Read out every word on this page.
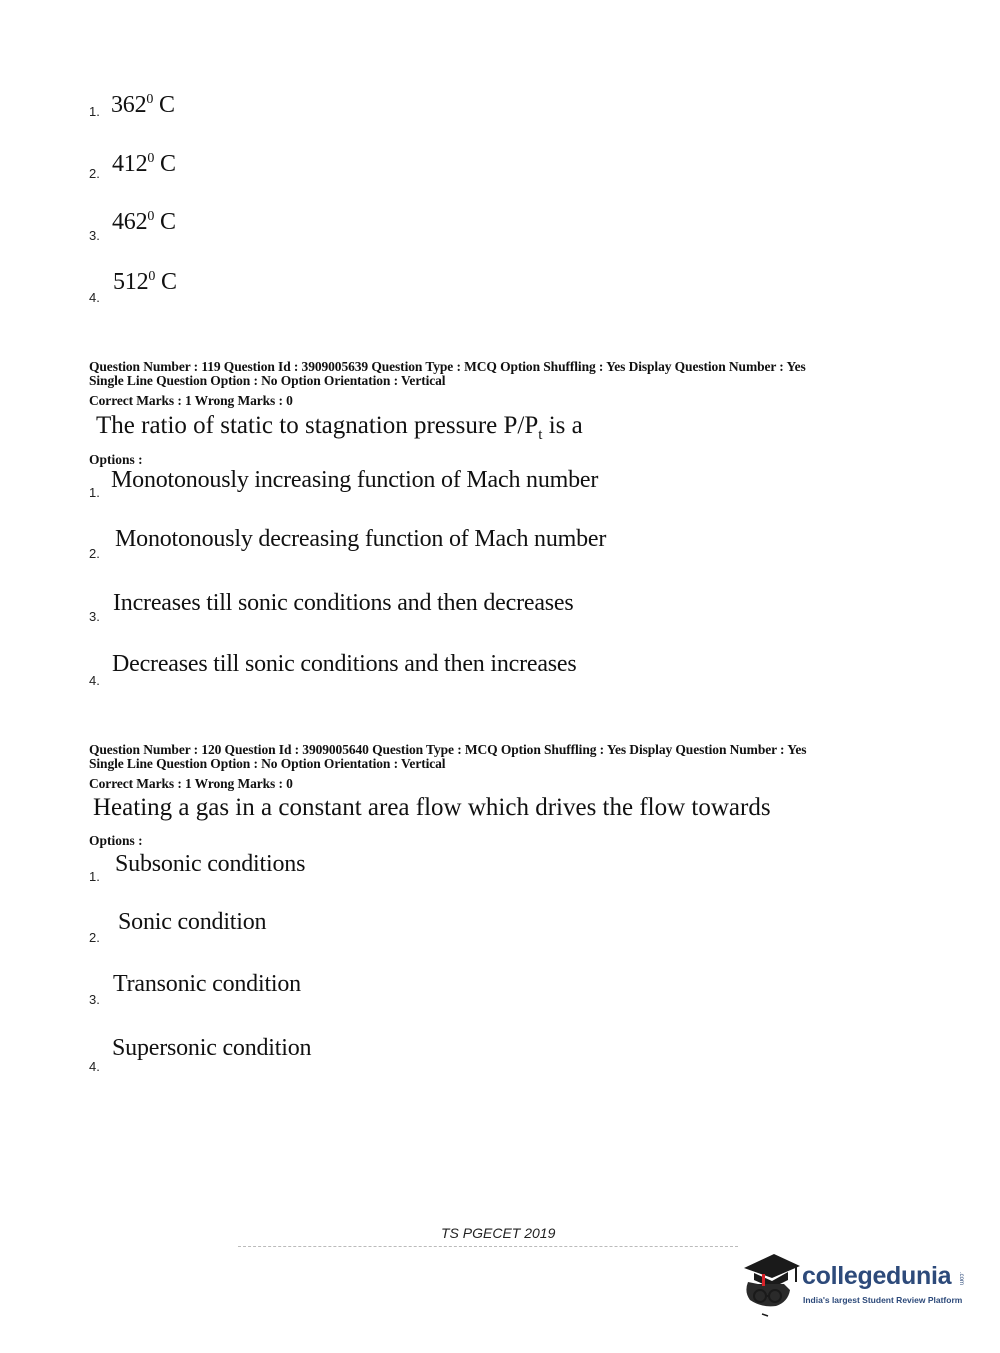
1. $362^0$ C
2. $412^0$ C
3.
$462^0$ C
4.
$512^0$ C
Question Number : 119 Question Id : 3909005639 Question Type : MCQ Option Shuffling : Yes Display Question Number : Yes
Single Line Question Option : No Option Orientation : Vertical
Correct Marks : 1 Wrong Marks : 0
The ratio of static to stagnation pressure $P/P_t$ is a
Options :
1. Monotonously increasing function of Mach number
2.
Monotonously decreasing function of Mach number
3.
Increases till sonic conditions and then decreases
4.
Decreases till sonic conditions and then increases
Question Number : 120 Question Id : 3909005640 Question Type : MCQ Option Shuffling : Yes Display Question Number : Yes
Single Line Question Option : No Option Orientation : Vertical
Correct Marks : 1 Wrong Marks : 0
Heating a gas in a constant area flow which drives the flow towards
Options :
1. Subsonic conditions
2.
Sonic condition
3.
Transonic condition
4.
Supersonic condition
TS PGECET 2019
collegedunia .com
India's largest Student Review Platform
